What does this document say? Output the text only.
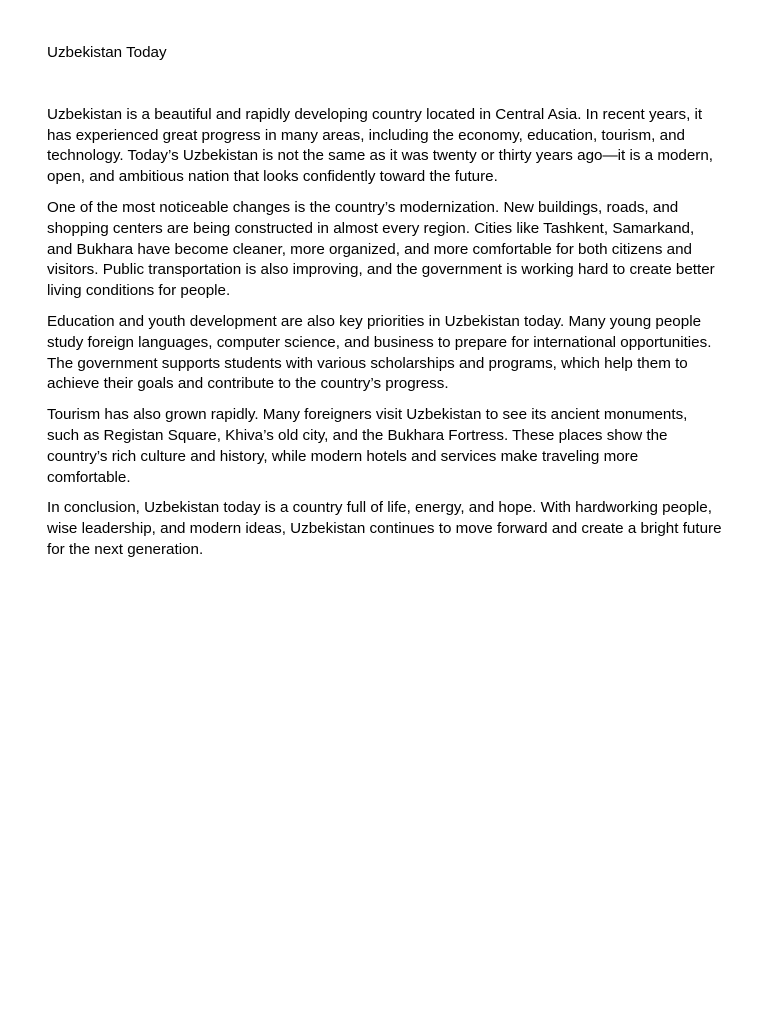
Uzbekistan Today

Uzbekistan is a beautiful and rapidly developing country located in Central Asia. In recent years, it has experienced great progress in many areas, including the economy, education, tourism, and technology. Today’s Uzbekistan is not the same as it was twenty or thirty years ago—it is a modern, open, and ambitious nation that looks confidently toward the future.

One of the most noticeable changes is the country’s modernization. New buildings, roads, and shopping centers are being constructed in almost every region. Cities like Tashkent, Samarkand, and Bukhara have become cleaner, more organized, and more comfortable for both citizens and visitors. Public transportation is also improving, and the government is working hard to create better living conditions for people.

Education and youth development are also key priorities in Uzbekistan today. Many young people study foreign languages, computer science, and business to prepare for international opportunities. The government supports students with various scholarships and programs, which help them to achieve their goals and contribute to the country’s progress.

Tourism has also grown rapidly. Many foreigners visit Uzbekistan to see its ancient monuments, such as Registan Square, Khiva’s old city, and the Bukhara Fortress. These places show the country’s rich culture and history, while modern hotels and services make traveling more comfortable.

In conclusion, Uzbekistan today is a country full of life, energy, and hope. With hardworking people, wise leadership, and modern ideas, Uzbekistan continues to move forward and create a bright future for the next generation.
